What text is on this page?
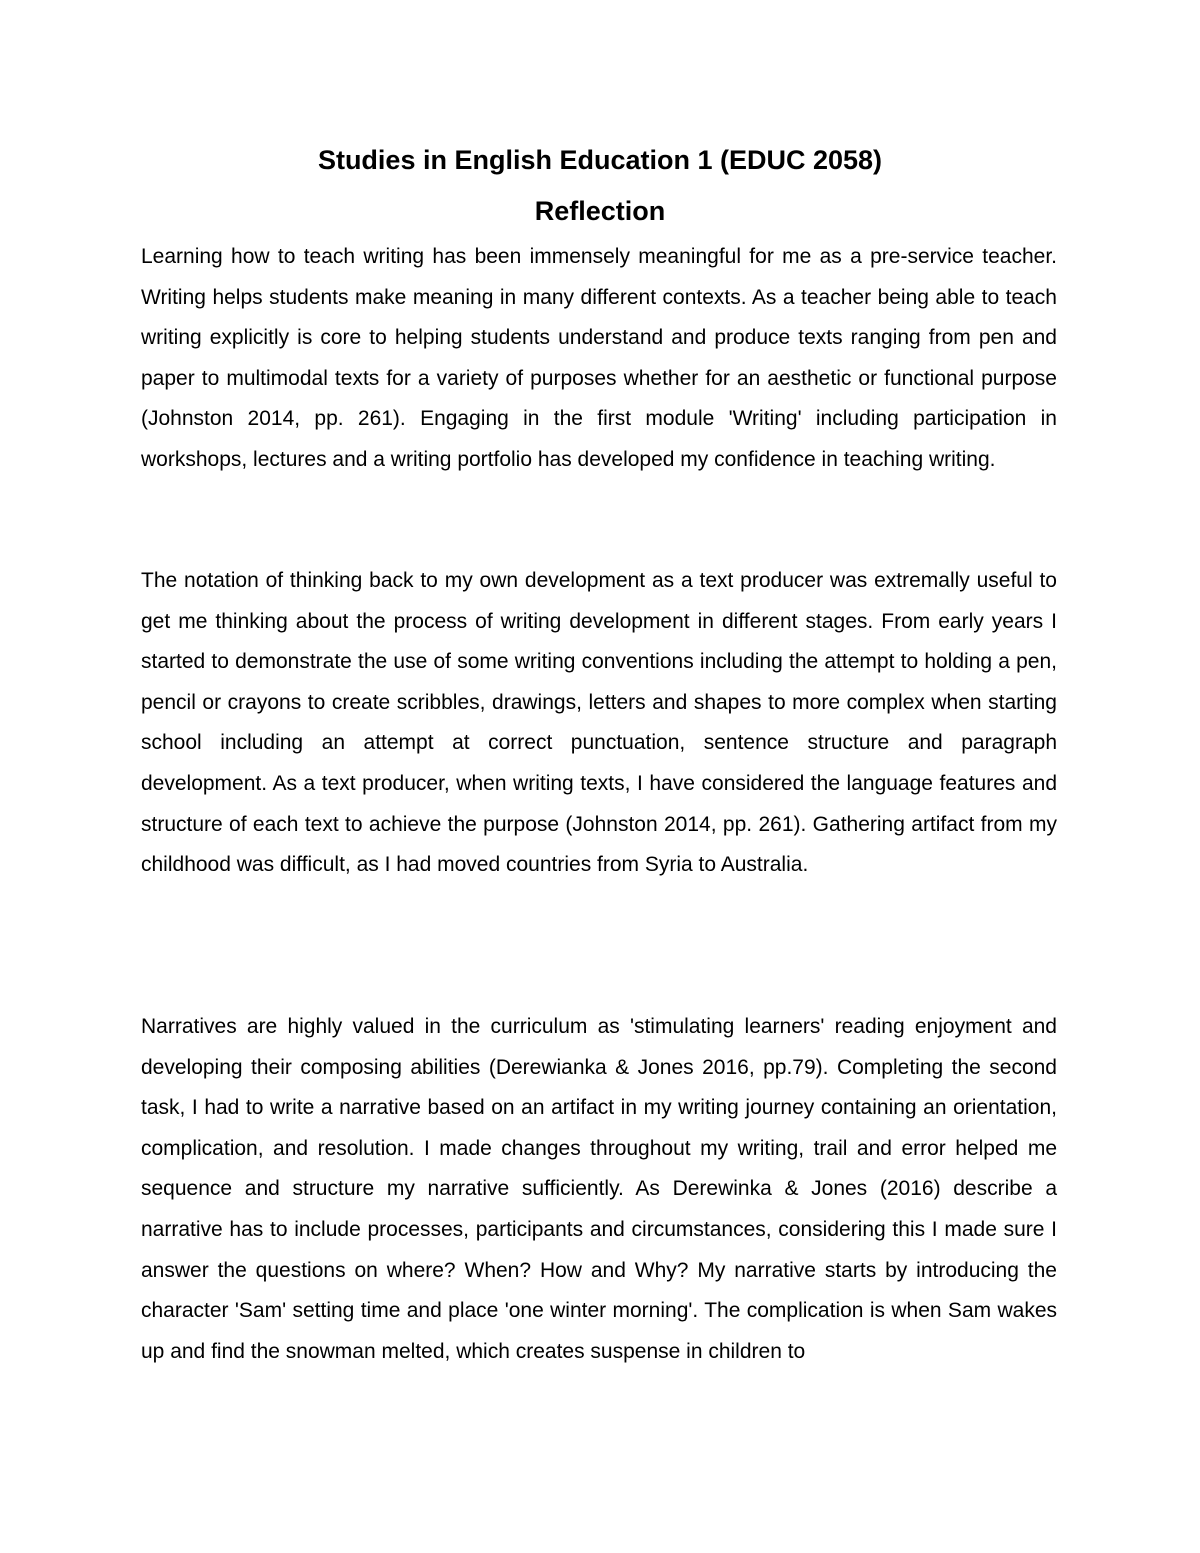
Studies in English Education 1 (EDUC 2058)
Reflection

Learning how to teach writing has been immensely meaningful for me as a pre-service teacher. Writing helps students make meaning in many different contexts. As a teacher being able to teach writing explicitly is core to helping students understand and produce texts ranging from pen and paper to multimodal texts for a variety of purposes whether for an aesthetic or functional purpose (Johnston 2014, pp. 261). Engaging in the first module 'Writing' including participation in workshops, lectures and a writing portfolio has developed my confidence in teaching writing.

The notation of thinking back to my own development as a text producer was extremally useful to get me thinking about the process of writing development in different stages. From early years I started to demonstrate the use of some writing conventions including the attempt to holding a pen, pencil or crayons to create scribbles, drawings, letters and shapes to more complex when starting school including an attempt at correct punctuation, sentence structure and paragraph development. As a text producer, when writing texts, I have considered the language features and structure of each text to achieve the purpose (Johnston 2014, pp. 261). Gathering artifact from my childhood was difficult, as I had moved countries from Syria to Australia.

Narratives are highly valued in the curriculum as 'stimulating learners' reading enjoyment and developing their composing abilities (Derewianka & Jones 2016, pp.79). Completing the second task, I had to write a narrative based on an artifact in my writing journey containing an orientation, complication, and resolution. I made changes throughout my writing, trail and error helped me sequence and structure my narrative sufficiently. As Derewinka & Jones (2016) describe a narrative has to include processes, participants and circumstances, considering this I made sure I answer the questions on where? When? How and Why? My narrative starts by introducing the character 'Sam' setting time and place 'one winter morning'. The complication is when Sam wakes up and find the snowman melted, which creates suspense in children to
